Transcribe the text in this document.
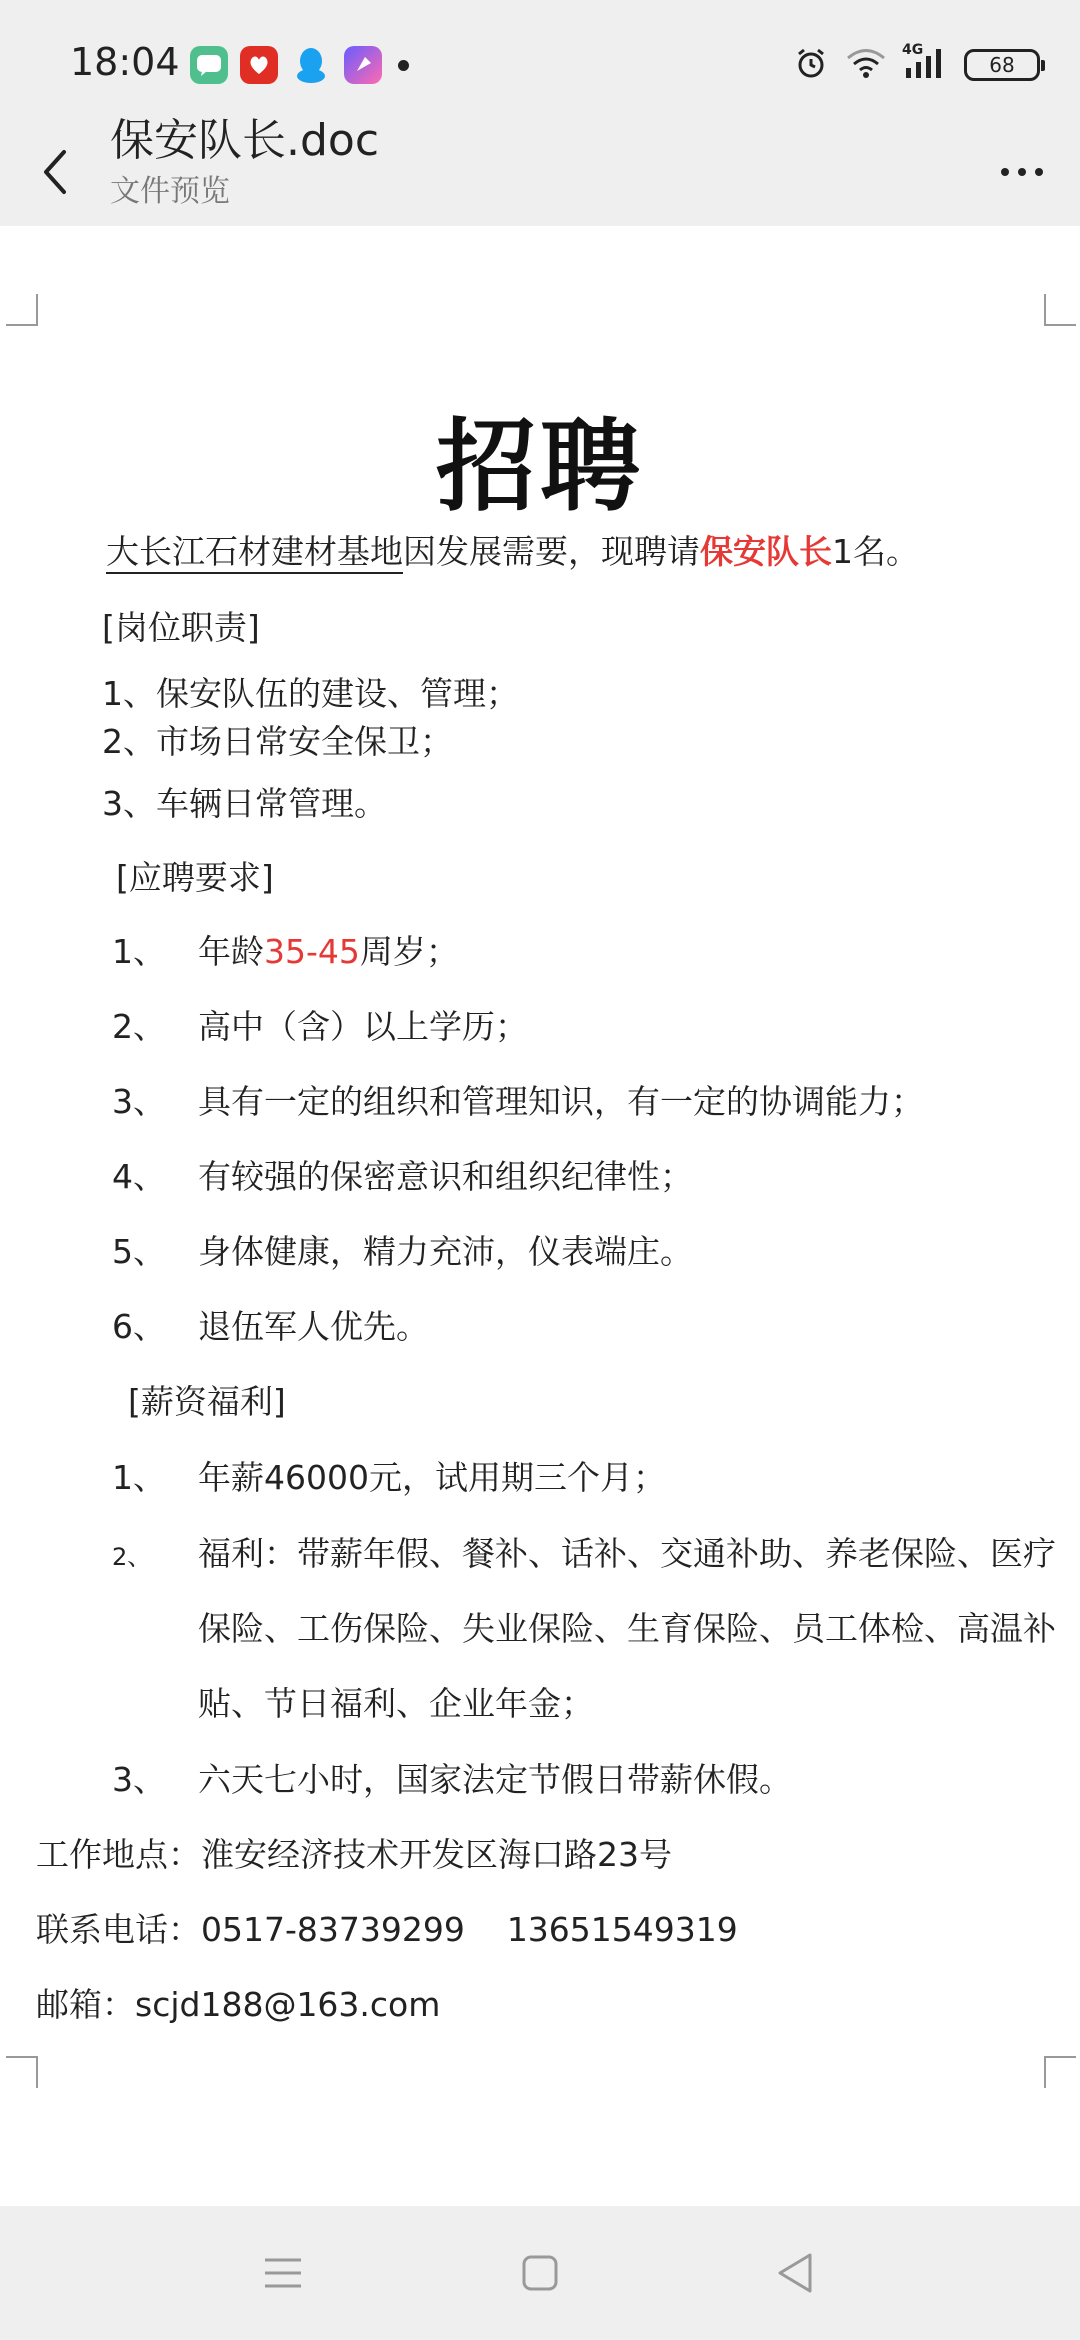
18:04	4G
68
保安队长.doc
文件预览
招聘
大长江石材建材基地因发展需要，现聘请保安队长1名。
[岗位职责]
1、保安队伍的建设、管理；
2、市场日常安全保卫；
3、车辆日常管理。
[应聘要求]
1、 年龄35-45周岁；
2、 高中（含）以上学历；
3、 具有一定的组织和管理知识，有一定的协调能力；
4、 有较强的保密意识和组织纪律性；
5、 身体健康，精力充沛，仪表端庄。
6、 退伍军人优先。
[薪资福利]
1、 年薪46000元，试用期三个月；
2、	福利：带薪年假、餐补、话补、交通补助、养老保险、医疗保险、工伤保险、失业保险、生育保险、员工体检、高温补贴、节日福利、企业年金；
3、 六天七小时，国家法定节假日带薪休假。
工作地点：淮安经济技术开发区海口路23号
联系电话：0517-83739299    13651549319
邮箱：scjd188@163.com
